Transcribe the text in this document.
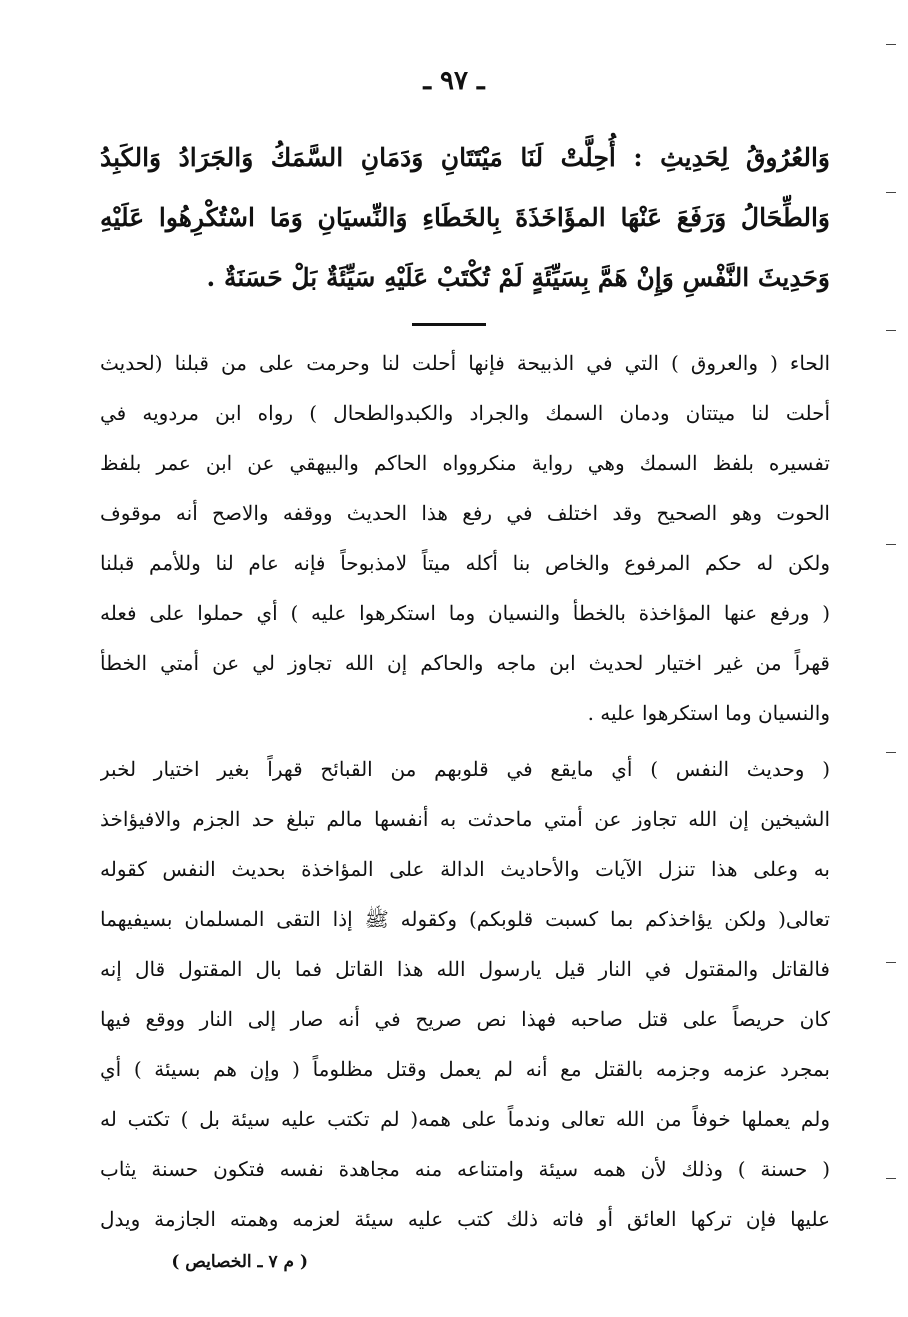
ـ ٩٧ ـ
وَالعُرُوقُ لِحَدِيثِ : أُحِلَّتْ لَنَا مَيْتَتَانِ وَدَمَانِ السَّمَكُ وَالجَرَادُ وَالكَبِدُ
وَالطِّحَالُ وَرَفَعَ عَنْهَا المؤَاخَذَةَ بِالخَطَاءِ وَالنِّسيَانِ وَمَا اسْتُكْرِهُوا عَلَيْهِ
وَحَدِيثَ النَّفْسِ وَإِنْ هَمَّ بِسَيِّئَةٍ لَمْ تُكْتَبْ عَلَيْهِ سَيِّئَةٌ بَلْ حَسَنَةٌ .
الحاء ( والعروق ) التي في الذبيحة فإنها أحلت لنا وحرمت على من قبلنا (لحديث
أحلت لنا ميتتان ودمان السمك والجراد والكبدوالطحال ) رواه ابن مردويه في
تفسيره بلفظ السمك وهي رواية منكروواه الحاكم والبيهقي عن ابن عمر بلفظ
الحوت وهو الصحيح وقد اختلف في رفع هذا الحديث ووقفه والاصح أنه موقوف
ولكن له حكم المرفوع والخاص بنا أكله ميتاً لامذبوحاً فإنه عام لنا وللأمم قبلنا
( ورفع عنها المؤاخذة بالخطأ والنسيان وما استكرهوا عليه ) أي حملوا على فعله
قهراً من غير اختيار لحديث ابن ماجه والحاكم إن الله تجاوز لي عن أمتي الخطأ
والنسيان وما استكرهوا عليه .
( وحديث النفس ) أي مايقع في قلوبهم من القبائح قهراً بغير اختيار لخبر
الشيخين إن الله تجاوز عن أمتي ماحدثت به أنفسها مالم تبلغ حد الجزم والافيؤاخذ
به وعلى هذا تنزل الآيات والأحاديث الدالة على المؤاخذة بحديث النفس كقوله
تعالى( ولكن يؤاخذكم بما كسبت قلوبكم) وكقوله ﷺ إذا التقى المسلمان بسيفيهما
فالقاتل والمقتول في النار قيل يارسول الله هذا القاتل فما بال المقتول قال إنه
كان حريصاً على قتل صاحبه فهذا نص صريح في أنه صار إلى النار ووقع فيها
بمجرد عزمه وجزمه بالقتل مع أنه لم يعمل وقتل مظلوماً ( وإن هم بسيئة ) أي
ولم يعملها خوفاً من الله تعالى وندماً على همه( لم تكتب عليه سيئة بل ) تكتب له
( حسنة ) وذلك لأن همه سيئة وامتناعه منه مجاهدة نفسه فتكون حسنة يثاب
عليها فإن تركها العائق أو فاته ذلك كتب عليه سيئة لعزمه وهمته الجازمة ويدل
( م ٧ ـ الخصايص )
